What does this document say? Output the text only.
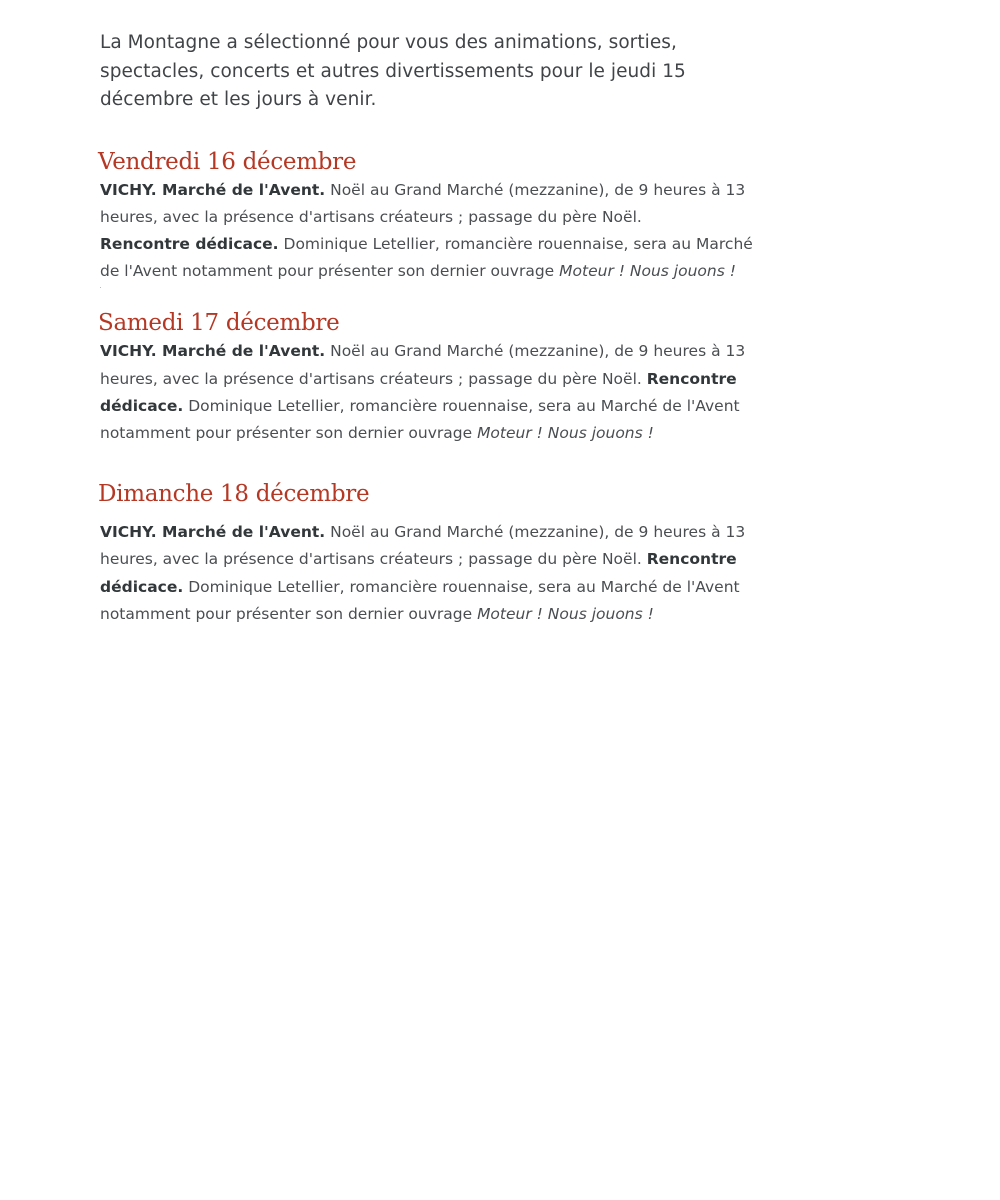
La Montagne a sélectionné pour vous des animations, sorties, spectacles, concerts et autres divertissements pour le jeudi 15 décembre et les jours à venir.

Vendredi 16 décembre

VICHY. Marché de l'Avent. Noël au Grand Marché (mezzanine), de 9 heures à 13 heures, avec la présence d'artisans créateurs ; passage du père Noël.

Rencontre dédicace. Dominique Letellier, romancière rouennaise, sera au Marché de l'Avent notamment pour présenter son dernier ouvrage Moteur ! Nous jouons !

Samedi 17 décembre

VICHY. Marché de l'Avent. Noël au Grand Marché (mezzanine), de 9 heures à 13 heures, avec la présence d'artisans créateurs ; passage du père Noël. Rencontre dédicace. Dominique Letellier, romancière rouennaise, sera au Marché de l'Avent notamment pour présenter son dernier ouvrage Moteur ! Nous jouons !

Dimanche 18 décembre

VICHY. Marché de l'Avent. Noël au Grand Marché (mezzanine), de 9 heures à 13 heures, avec la présence d'artisans créateurs ; passage du père Noël. Rencontre dédicace. Dominique Letellier, romancière rouennaise, sera au Marché de l'Avent notamment pour présenter son dernier ouvrage Moteur ! Nous jouons !
